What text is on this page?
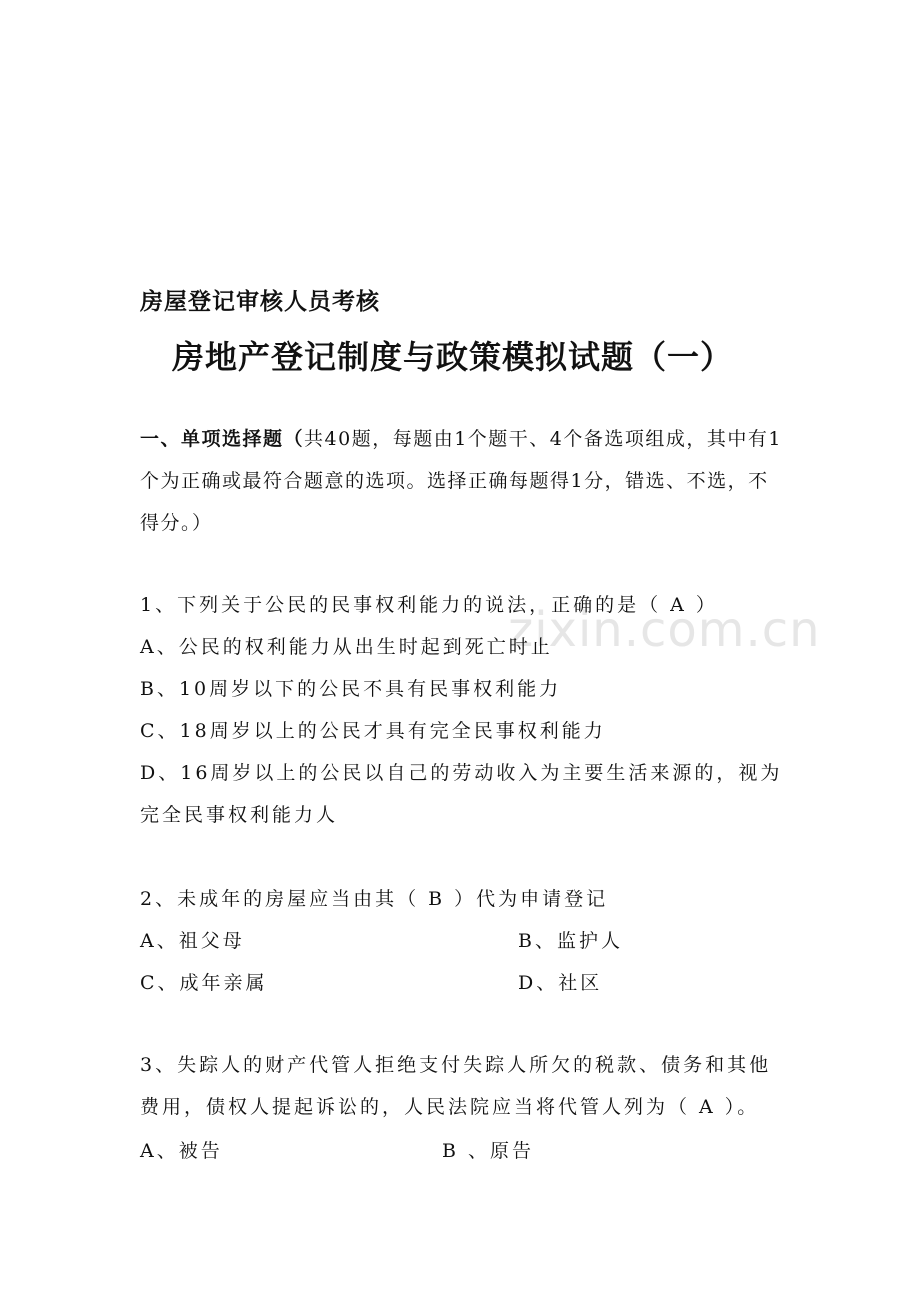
房屋登记审核人员考核
房地产登记制度与政策模拟试题（一）
一、单项选择题（共40题，每题由1个题干、4个备选项组成，其中有1个为正确或最符合题意的选项。选择正确每题得1分，错选、不选，不得分。）
zixin.com.cn
1、下列关于公民的民事权利能力的说法，正确的是（ A ）
A、公民的权利能力从出生时起到死亡时止
B、10周岁以下的公民不具有民事权利能力
C、18周岁以上的公民才具有完全民事权利能力
D、16周岁以上的公民以自己的劳动收入为主要生活来源的，视为完全民事权利能力人
2、未成年的房屋应当由其（ B ）代为申请登记
A、祖父母	B、监护人
C、成年亲属	D、社区
3、失踪人的财产代管人拒绝支付失踪人所欠的税款、债务和其他费用，债权人提起诉讼的，人民法院应当将代管人列为（ A ）。
A、被告	B 、原告
